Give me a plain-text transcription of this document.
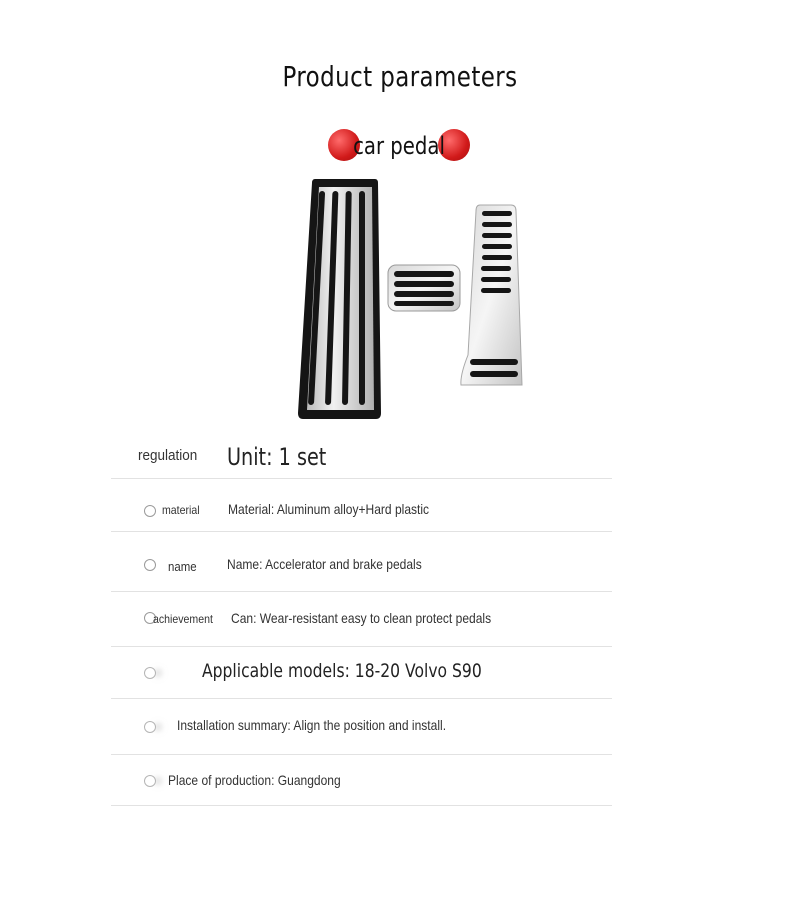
Product parameters
car pedal
regulation Unit: 1 set
material Material: Aluminum alloy+Hard plastic
name Name: Accelerator and brake pedals
achievement Can: Wear-resistant easy to clean protect pedals
Applicable models: 18-20 Volvo S90
Installation summary: Align the position and install.
Place of production: Guangdong
